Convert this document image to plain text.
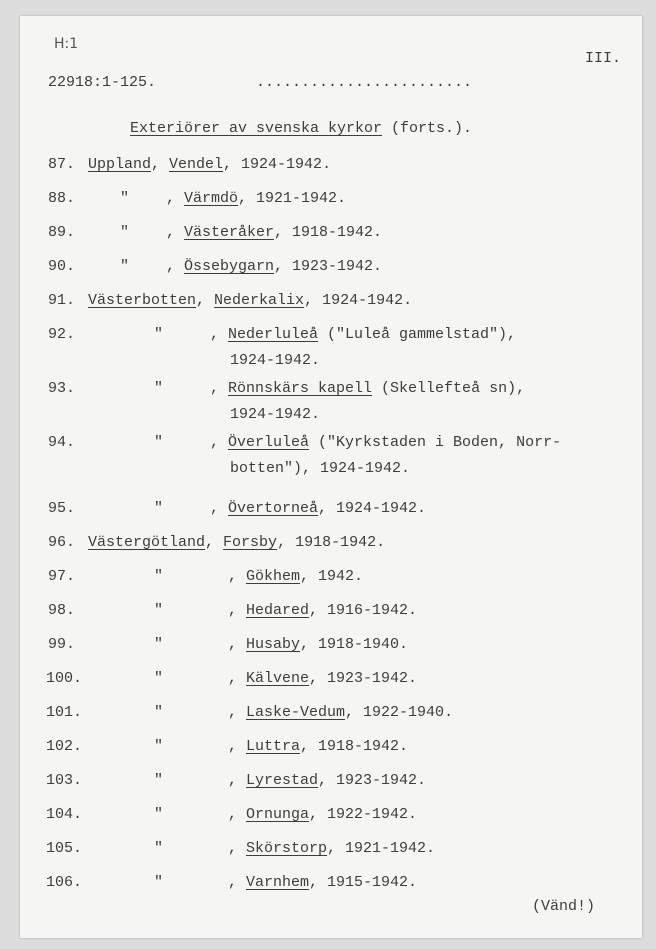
H:1
22918:1-125.	........................
III.
Exteriörer av svenska kyrkor (forts.).
87. Uppland, Vendel, 1924-1942.
88.	" , Värmdö, 1921-1942.
89.	" , Västeråker, 1918-1942.
90.	" , Össebygarn, 1923-1942.
91. Västerbotten, Nederkalix, 1924-1942.
92.	"	, Nederluleå ("Luleå gammelstad"),
1924-1942.
93.	"	, Rönnskärs kapell (Skellefteå sn),
1924-1942.
94.	"	, Överluleå ("Kyrkstaden i Boden, Norr-
botten"), 1924-1942.
95.	"	, Övertorneå, 1924-1942.
96. Västergötland, Forsby, 1918-1942.
97.	"	, Gökhem, 1942.
98.	"	, Hedared, 1916-1942.
99.	"	, Husaby, 1918-1940.
100.	"	, Kälvene, 1923-1942.
101.	"	, Laske-Vedum, 1922-1940.
102.	"	, Luttra, 1918-1942.
103.	"	, Lyrestad, 1923-1942.
104.	"	, Ornunga, 1922-1942.
105.	"	, Skörstorp, 1921-1942.
106.	"	, Varnhem, 1915-1942.
(Vänd!)
